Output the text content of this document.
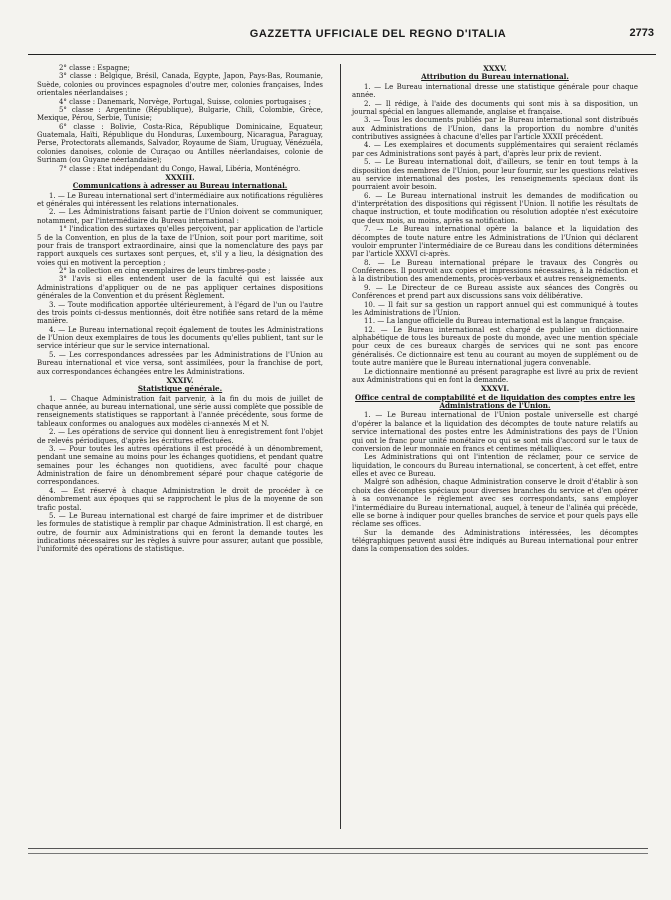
GAZZETTA UFFICIALE DEL REGNO D'ITALIA	2773

2° classe : Espagne;

3° classe : Belgique, Brésil, Canada, Egypte, Japon, Pays-Bas, Roumanie, Suède, colonies ou provinces espagnoles d'outre mer, colonies françaises, Indes orientales néerlandaises ;

4° classe : Danemark, Norvège, Portugal, Suisse, colonies portugaises ;

5° classe : Argentine (République), Bulgarie, Chili, Colombie, Grèce, Mexique, Pérou, Serbie, Tunisie;

6° classe : Bolivie, Costa-Rica, République Dominicaine, Equateur, Guatemala, Haïti, République du Honduras, Luxembourg, Nicaragua, Paraguay, Perse, Protectorats allemands, Salvador, Royaume de Siam, Uruguay, Vénézuéla, colonies danoises, colonie de Curaçao ou Antilles néerlandaises, colonie de Surinam (ou Guyane néerlandaise);

7° classe : Etat indépendant du Congo, Hawaï, Libéria, Monténégro.

XXXIII.
Communications à adresser au Bureau international.

1. — Le Bureau international sert d'intermédiaire aux notifications régulières et générales qui intéressent les relations internationales.

2. — Les Administrations faisant partie de l'Union doivent se communiquer, notamment, par l'intermédiaire du Bureau international :

1° l'indication des surtaxes qu'elles perçoivent, par application de l'article 5 de la Convention, en plus de la taxe de l'Union, soit pour port maritime, soit pour frais de transport extraordinaire, ainsi que la nomenclature des pays par rapport auxquels ces surtaxes sont perçues, et, s'il y a lieu, la désignation des voies qui en motivent la perception ;

2° la collection en cinq exemplaires de leurs timbres-poste ;

3° l'avis si elles entendent user de la faculté qui est laissée aux Administrations d'appliquer ou de ne pas appliquer certaines dispositions générales de la Convention et du présent Règlement.

3. — Toute modification apportée ultérieurement, à l'égard de l'un ou l'autre des trois points ci-dessus mentionnés, doit être notifiée sans retard de la même manière.

4. — Le Bureau international reçoit également de toutes les Administrations de l'Union deux exemplaires de tous les documents qu'elles publient, tant sur le service intérieur que sur le service international.

5. — Les correspondances adressées par les Administrations de l'Union au Bureau international et vice versa, sont assimilées, pour la franchise de port, aux correspondances échangées entre les Administrations.

XXXIV.
Statistique générale.

1. — Chaque Administration fait parvenir, à la fin du mois de juillet de chaque année, au bureau international, une série aussi complète que possible de renseignements statistiques se rapportant à l'année précédente, sous forme de tableaux conformes ou analogues aux modèles ci-annexés M et N.

2. — Les opérations de service qui donnent lieu à enregistrement font l'objet de relevés périodiques, d'après les écritures effectuées.

3. — Pour toutes les autres opérations il est procédé à un dénombrement, pendant une semaine au moins pour les échanges quotidiens, et pendant quatre semaines pour les échanges non quotidiens, avec faculté pour chaque Administration de faire un dénombrement séparé pour chaque catégorie de correspondances.

4. — Est réservé à chaque Administration le droit de procéder à ce dénombrement aux époques qui se rapprochent le plus de la moyenne de son trafic postal.

5. — Le Bureau international est chargé de faire imprimer et de distribuer les formules de statistique à remplir par chaque Administration. Il est chargé, en outre, de fournir aux Administrations qui en feront la demande toutes les indications nécessaires sur les règles à suivre pour assurer, autant que possible, l'uniformité des opérations de statistique.

XXXV.
Attribution du Bureau international.

1. — Le Bureau international dresse une statistique générale pour chaque année.

2. — Il rédige, à l'aide des documents qui sont mis à sa disposition, un journal spécial en langues allemande, anglaise et française.

3. — Tous les documents publiés par le Bureau international sont distribués aux Administrations de l'Union, dans la proportion du nombre d'unités contributives assignées à chacune d'elles par l'article XXXII précédent.

4. — Les exemplaires et documents supplémentaires qui seraient réclamés par ces Administrations sont payés à part, d'après leur prix de revient.

5. — Le Bureau international doit, d'ailleurs, se tenir en tout temps à la disposition des membres de l'Union, pour leur fournir, sur les questions relatives au service international des postes, les renseignements spéciaux dont ils pourraient avoir besoin.

6. — Le Bureau international instruit les demandes de modification ou d'interprétation des dispositions qui régissent l'Union. Il notifie les résultats de chaque instruction, et toute modification ou résolution adoptée n'est exécutoire que deux mois, au moins, après sa notification.

7. — Le Bureau international opère la balance et la liquidation des décomptes de toute nature entre les Administrations de l'Union qui déclarent vouloir emprunter l'intermédiaire de ce Bureau dans les conditions déterminées par l'article XXXVI ci-après.

8. — Le Bureau international prépare le travaux des Congrès ou Conférences. Il pourvoit aux copies et impressions nécessaires, à la rédaction et à la distribution des amendements, procès-verbaux et autres renseignements.

9. — Le Directeur de ce Bureau assiste aux séances des Congrès ou Conférences et prend part aux discussions sans voix délibérative.

10. — Il fait sur sa gestion un rapport annuel qui est communiqué à toutes les Administrations de l'Union.

11. — La langue officielle du Bureau international est la langue française.

12. — Le Bureau international est chargé de publier un dictionnaire alphabétique de tous les bureaux de poste du monde, avec une mention spéciale pour ceux de ces bureaux chargés de services qui ne sont pas encore généralisés. Ce dictionnaire est tenu au courant au moyen de supplément ou de toute autre manière que le Bureau international jugera convenable.

Le dictionnaire mentionné au présent paragraphe est livré au prix de revient aux Administrations qui en font la demande.

XXXVI.
Office central de comptabilité et de liquidation des comptes entre les Administrations de l'Union.

1. — Le Bureau international de l'Union postale universelle est chargé d'opérer la balance et la liquidation des décomptes de toute nature relatifs au service international des postes entre les Administrations des pays de l'Union qui ont le franc pour unité monétaire ou qui se sont mis d'accord sur le taux de conversion de leur monnaie en francs et centimes métalliques.

Les Administrations qui ont l'intention de réclamer, pour ce service de liquidation, le concours du Bureau international, se concertent, à cet effet, entre elles et avec ce Bureau.

Malgré son adhésion, chaque Administration conserve le droit d'établir à son choix des décomptes spéciaux pour diverses branches du service et d'en opérer à sa convenance le règlement avec ses correspondants, sans employer l'intermédiaire du Bureau international, auquel, à teneur de l'alinéa qui précède, elle se borne à indiquer pour quelles branches de service et pour quels pays elle réclame ses offices.

Sur la demande des Administrations intéressées, les décomptes télégraphiques peuvent aussi être indiqués au Bureau international pour entrer dans la compensation des soldes.
